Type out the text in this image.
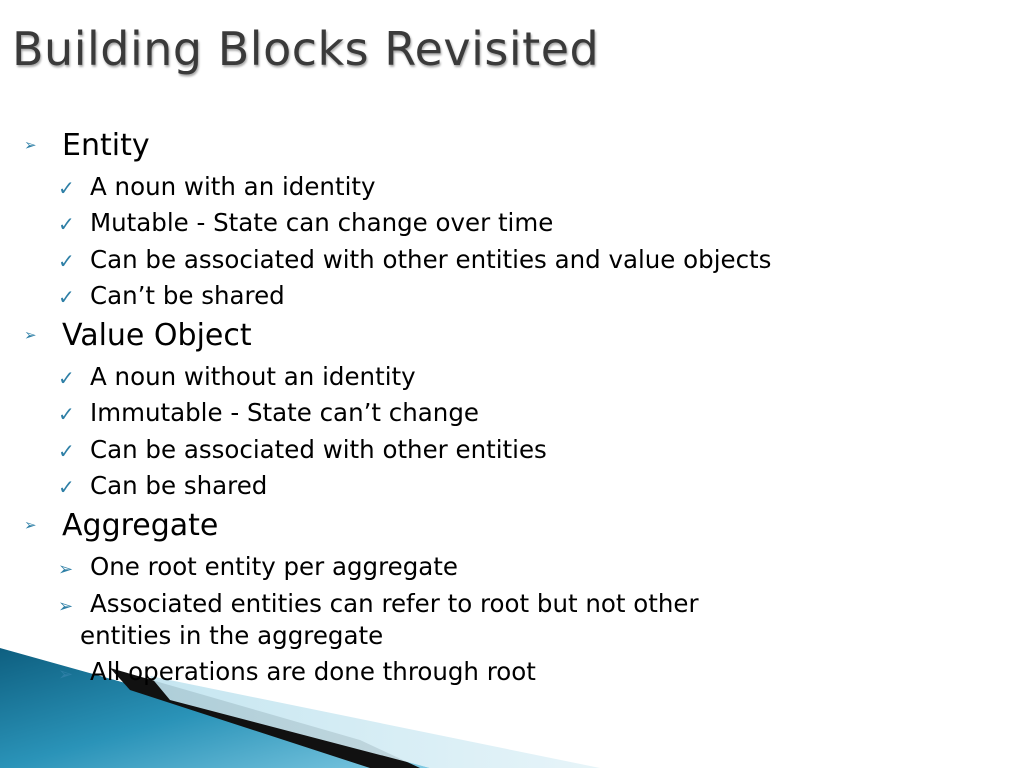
Building Blocks Revisited
➢ Entity
✓ A noun with an identity
✓ Mutable - State can change over time
✓ Can be associated with other entities and value objects
✓ Can’t be shared
➢ Value Object
✓ A noun without an identity
✓ Immutable - State can’t change
✓ Can be associated with other entities
✓ Can be shared
➢ Aggregate
➢ One root entity per aggregate
➢ Associated entities can refer to root but not other
entities in the aggregate
➢ All operations are done through root
